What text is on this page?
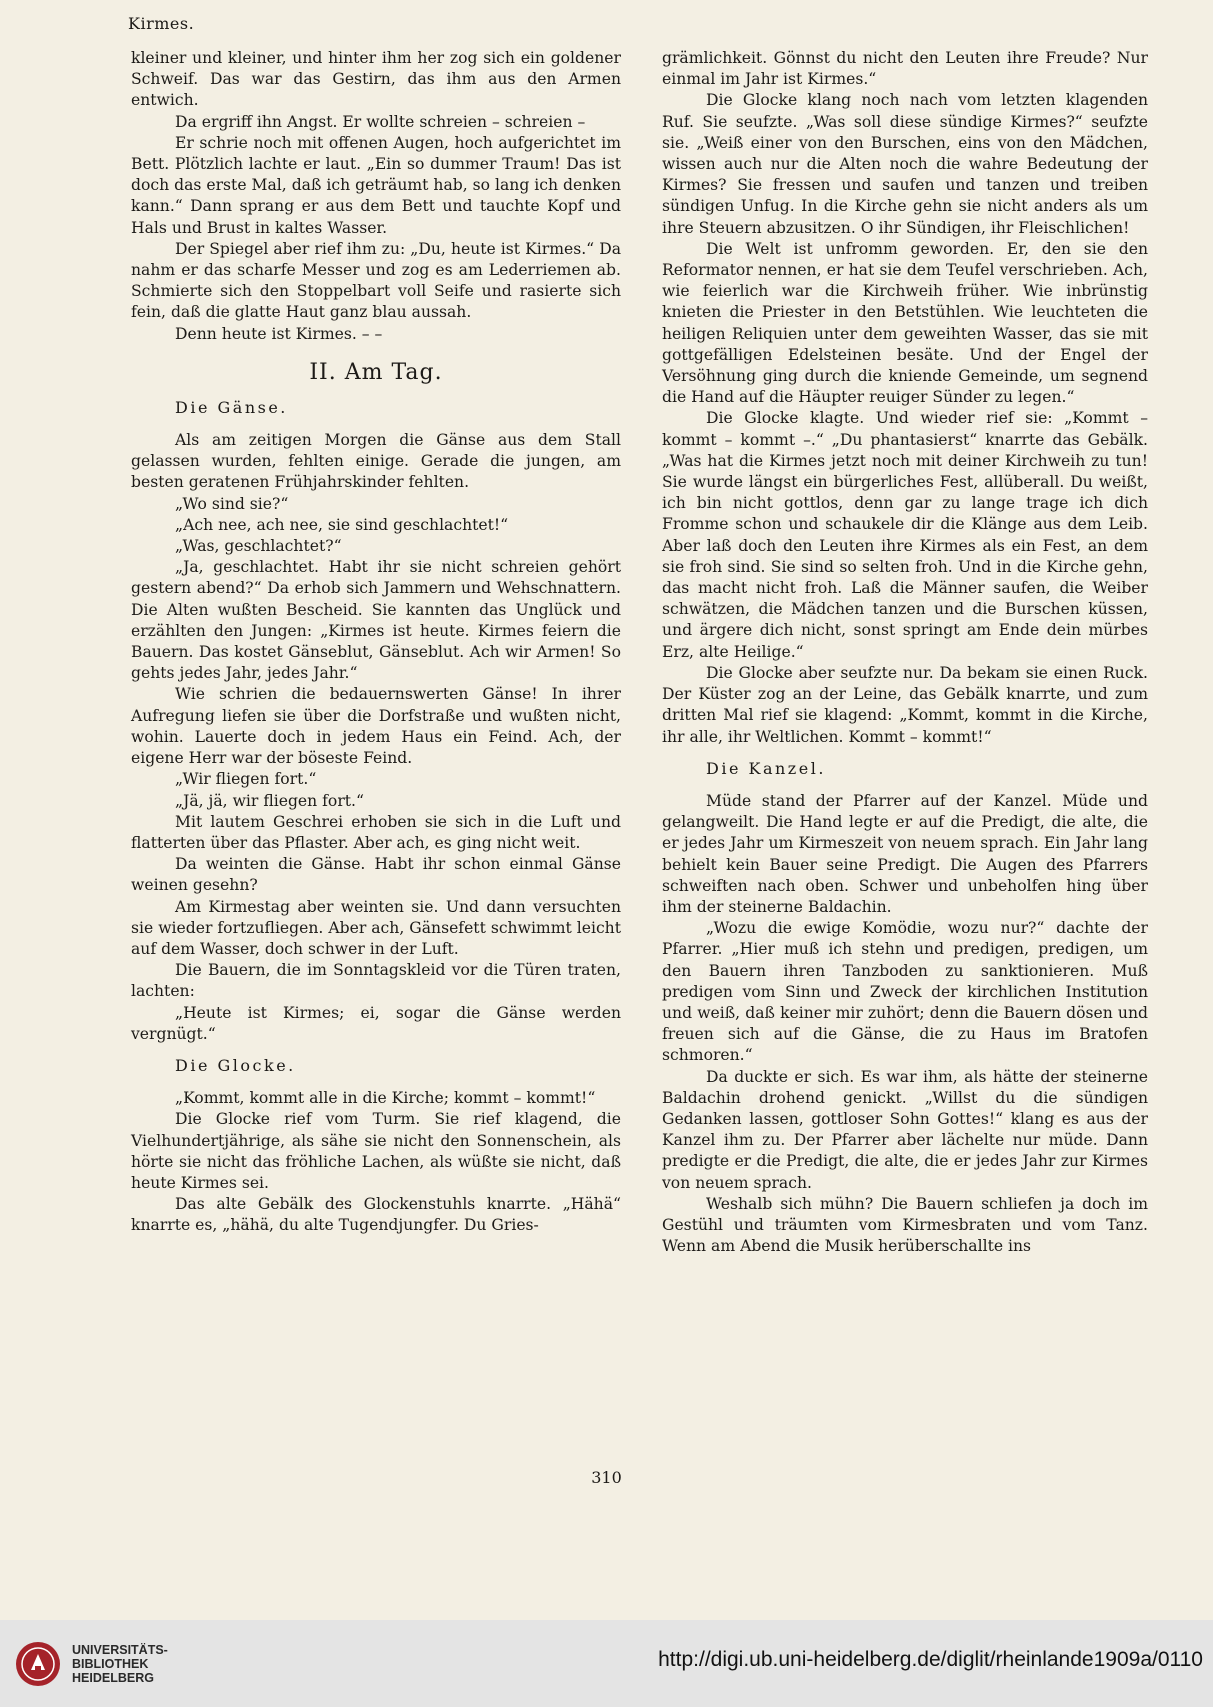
Kirmes.

kleiner und kleiner, und hinter ihm her zog sich ein goldener Schweif. Das war das Gestirn, das ihm aus den Armen entwich.

Da ergriff ihn Angst. Er wollte schreien – schreien –

Er schrie noch mit offenen Augen, hoch aufgerichtet im Bett. Plötzlich lachte er laut. „Ein so dummer Traum! Das ist doch das erste Mal, daß ich geträumt hab, so lang ich denken kann.“ Dann sprang er aus dem Bett und tauchte Kopf und Hals und Brust in kaltes Wasser.

Der Spiegel aber rief ihm zu: „Du, heute ist Kirmes.“ Da nahm er das scharfe Messer und zog es am Lederriemen ab. Schmierte sich den Stoppelbart voll Seife und rasierte sich fein, daß die glatte Haut ganz blau aussah.

Denn heute ist Kirmes. – –

II. Am Tag.

Die Gänse.

Als am zeitigen Morgen die Gänse aus dem Stall gelassen wurden, fehlten einige. Gerade die jungen, am besten geratenen Frühjahrskinder fehlten.

„Wo sind sie?“

„Ach nee, ach nee, sie sind geschlachtet!“

„Was, geschlachtet?“

„Ja, geschlachtet. Habt ihr sie nicht schreien gehört gestern abend?“ Da erhob sich Jammern und Wehschnattern. Die Alten wußten Bescheid. Sie kannten das Unglück und erzählten den Jungen: „Kirmes ist heute. Kirmes feiern die Bauern. Das kostet Gänseblut, Gänseblut. Ach wir Armen! So gehts jedes Jahr, jedes Jahr.“

Wie schrien die bedauernswerten Gänse! In ihrer Aufregung liefen sie über die Dorfstraße und wußten nicht, wohin. Lauerte doch in jedem Haus ein Feind. Ach, der eigene Herr war der böseste Feind.

„Wir fliegen fort.“

„Jä, jä, wir fliegen fort.“

Mit lautem Geschrei erhoben sie sich in die Luft und flatterten über das Pflaster. Aber ach, es ging nicht weit.

Da weinten die Gänse. Habt ihr schon einmal Gänse weinen gesehn?

Am Kirmestag aber weinten sie. Und dann versuchten sie wieder fortzufliegen. Aber ach, Gänsefett schwimmt leicht auf dem Wasser, doch schwer in der Luft.

Die Bauern, die im Sonntagskleid vor die Türen traten, lachten:

„Heute ist Kirmes; ei, sogar die Gänse werden vergnügt.“

Die Glocke.

„Kommt, kommt alle in die Kirche; kommt – kommt!“

Die Glocke rief vom Turm. Sie rief klagend, die Vielhundertjährige, als sähe sie nicht den Sonnenschein, als hörte sie nicht das fröhliche Lachen, als wüßte sie nicht, daß heute Kirmes sei.

Das alte Gebälk des Glockenstuhls knarrte. „Hähä“ knarrte es, „hähä, du alte Tugendjungfer. Du Gries-

grämlichkeit. Gönnst du nicht den Leuten ihre Freude? Nur einmal im Jahr ist Kirmes.“

Die Glocke klang noch nach vom letzten klagenden Ruf. Sie seufzte. „Was soll diese sündige Kirmes?“ seufzte sie. „Weiß einer von den Burschen, eins von den Mädchen, wissen auch nur die Alten noch die wahre Bedeutung der Kirmes? Sie fressen und saufen und tanzen und treiben sündigen Unfug. In die Kirche gehn sie nicht anders als um ihre Steuern abzusitzen. O ihr Sündigen, ihr Fleischlichen!

Die Welt ist unfromm geworden. Er, den sie den Reformator nennen, er hat sie dem Teufel verschrieben. Ach, wie feierlich war die Kirchweih früher. Wie inbrünstig knieten die Priester in den Betstühlen. Wie leuchteten die heiligen Reliquien unter dem geweihten Wasser, das sie mit gottgefälligen Edelsteinen besäte. Und der Engel der Versöhnung ging durch die kniende Gemeinde, um segnend die Hand auf die Häupter reuiger Sünder zu legen.“

Die Glocke klagte. Und wieder rief sie: „Kommt – kommt – kommt –.“ „Du phantasierst“ knarrte das Gebälk. „Was hat die Kirmes jetzt noch mit deiner Kirchweih zu tun! Sie wurde längst ein bürgerliches Fest, allüberall. Du weißt, ich bin nicht gottlos, denn gar zu lange trage ich dich Fromme schon und schaukele dir die Klänge aus dem Leib. Aber laß doch den Leuten ihre Kirmes als ein Fest, an dem sie froh sind. Sie sind so selten froh. Und in die Kirche gehn, das macht nicht froh. Laß die Männer saufen, die Weiber schwätzen, die Mädchen tanzen und die Burschen küssen, und ärgere dich nicht, sonst springt am Ende dein mürbes Erz, alte Heilige.“

Die Glocke aber seufzte nur. Da bekam sie einen Ruck. Der Küster zog an der Leine, das Gebälk knarrte, und zum dritten Mal rief sie klagend: „Kommt, kommt in die Kirche, ihr alle, ihr Weltlichen. Kommt – kommt!“

Die Kanzel.

Müde stand der Pfarrer auf der Kanzel. Müde und gelangweilt. Die Hand legte er auf die Predigt, die alte, die er jedes Jahr um Kirmeszeit von neuem sprach. Ein Jahr lang behielt kein Bauer seine Predigt. Die Augen des Pfarrers schweiften nach oben. Schwer und unbeholfen hing über ihm der steinerne Baldachin.

„Wozu die ewige Komödie, wozu nur?“ dachte der Pfarrer. „Hier muß ich stehn und predigen, predigen, um den Bauern ihren Tanzboden zu sanktionieren. Muß predigen vom Sinn und Zweck der kirchlichen Institution und weiß, daß keiner mir zuhört; denn die Bauern dösen und freuen sich auf die Gänse, die zu Haus im Bratofen schmoren.“

Da duckte er sich. Es war ihm, als hätte der steinerne Baldachin drohend genickt. „Willst du die sündigen Gedanken lassen, gottloser Sohn Gottes!“ klang es aus der Kanzel ihm zu. Der Pfarrer aber lächelte nur müde. Dann predigte er die Predigt, die alte, die er jedes Jahr zur Kirmes von neuem sprach.

Weshalb sich mühn? Die Bauern schliefen ja doch im Gestühl und träumten vom Kirmesbraten und vom Tanz. Wenn am Abend die Musik herüberschallte ins

310
UNIVERSITÄTS-
BIBLIOTHEK
HEIDELBERG
http://digi.ub.uni-heidelberg.de/diglit/rheinlande1909a/0110
